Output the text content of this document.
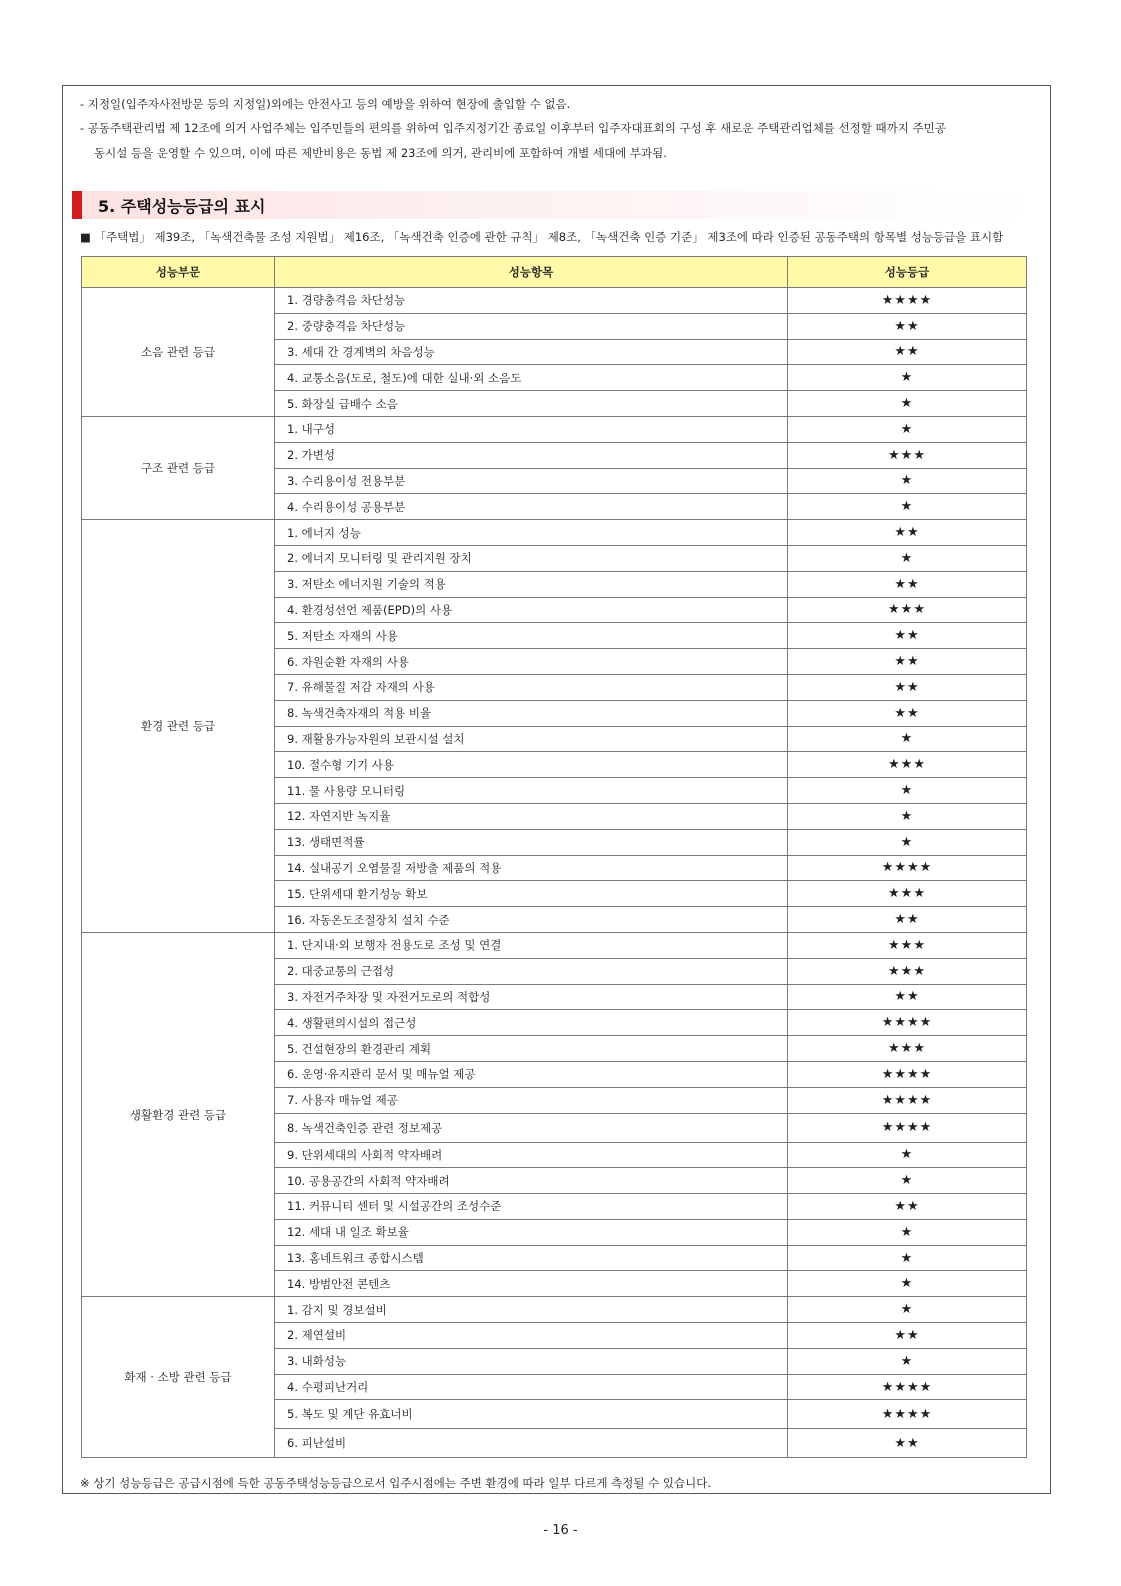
- 지정일(입주자사전방문 등의 지정일)외에는 안전사고 등의 예방을 위하여 현장에 출입할 수 없음.
- 공동주택관리법 제 12조에 의거 사업주체는 입주민들의 편의를 위하여 입주지정기간 종료일 이후부터 입주자대표회의 구성 후 새로운 주택관리업체를 선정할 때까지 주민공
동시설 등을 운영할 수 있으며, 이에 따른 제반비용은 동법 제 23조에 의거, 관리비에 포함하여 개별 세대에 부과됨.
5. 주택성능등급의 표시
■ 「주택법」 제39조, 「녹색건축물 조성 지원법」 제16조, 「녹색건축 인증에 관한 규칙」 제8조, 「녹색건축 인증 기준」 제3조에 따라 인증된 공동주택의 항목별 성능등급을 표시함
성능부문	성능항목	성능등급
소음 관련 등급	1. 경량충격음 차단성능	★★★★
	2. 중량충격음 차단성능	★★
	3. 세대 간 경계벽의 차음성능	★★
	4. 교통소음(도로, 철도)에 대한 실내·외 소음도	★
	5. 화장실 급배수 소음	★
구조 관련 등급	1. 내구성	★
	2. 가변성	★★★
	3. 수리용이성 전용부분	★
	4. 수리용이성 공용부분	★
환경 관련 등급	1. 에너지 성능	★★
	2. 에너지 모니터링 및 관리지원 장치	★
	3. 저탄소 에너지원 기술의 적용	★★
	4. 환경성선언 제품(EPD)의 사용	★★★
	5. 저탄소 자재의 사용	★★
	6. 자원순환 자재의 사용	★★
	7. 유해물질 저감 자재의 사용	★★
	8. 녹색건축자재의 적용 비율	★★
	9. 재활용가능자원의 보관시설 설치	★
	10. 절수형 기기 사용	★★★
	11. 물 사용량 모니터링	★
	12. 자연지반 녹지율	★
	13. 생태면적률	★
	14. 실내공기 오염물질 저방출 제품의 적용	★★★★
	15. 단위세대 환기성능 확보	★★★
	16. 자동온도조절장치 설치 수준	★★
생활환경 관련 등급	1. 단지내·외 보행자 전용도로 조성 및 연결	★★★
	2. 대중교통의 근접성	★★★
	3. 자전거주차장 및 자전거도로의 적합성	★★
	4. 생활편의시설의 접근성	★★★★
	5. 건설현장의 환경관리 계획	★★★
	6. 운영·유지관리 문서 및 매뉴얼 제공	★★★★
	7. 사용자 매뉴얼 제공	★★★★
	8. 녹색건축인증 관련 정보제공	★★★★
	9. 단위세대의 사회적 약자배려	★
	10. 공용공간의 사회적 약자배려	★
	11. 커뮤니티 센터 및 시설공간의 조성수준	★★
	12. 세대 내 일조 확보율	★
	13. 홈네트워크 종합시스템	★
	14. 방범안전 콘텐츠	★
화재 · 소방 관련 등급	1. 감지 및 경보설비	★
	2. 제연설비	★★
	3. 내화성능	★
	4. 수평피난거리	★★★★
	5. 복도 및 계단 유효너비	★★★★
	6. 피난설비	★★
※ 상기 성능등급은 공급시점에 득한 공동주택성능등급으로서 입주시점에는 주변 환경에 따라 일부 다르게 측정될 수 있습니다.
- 16 -
